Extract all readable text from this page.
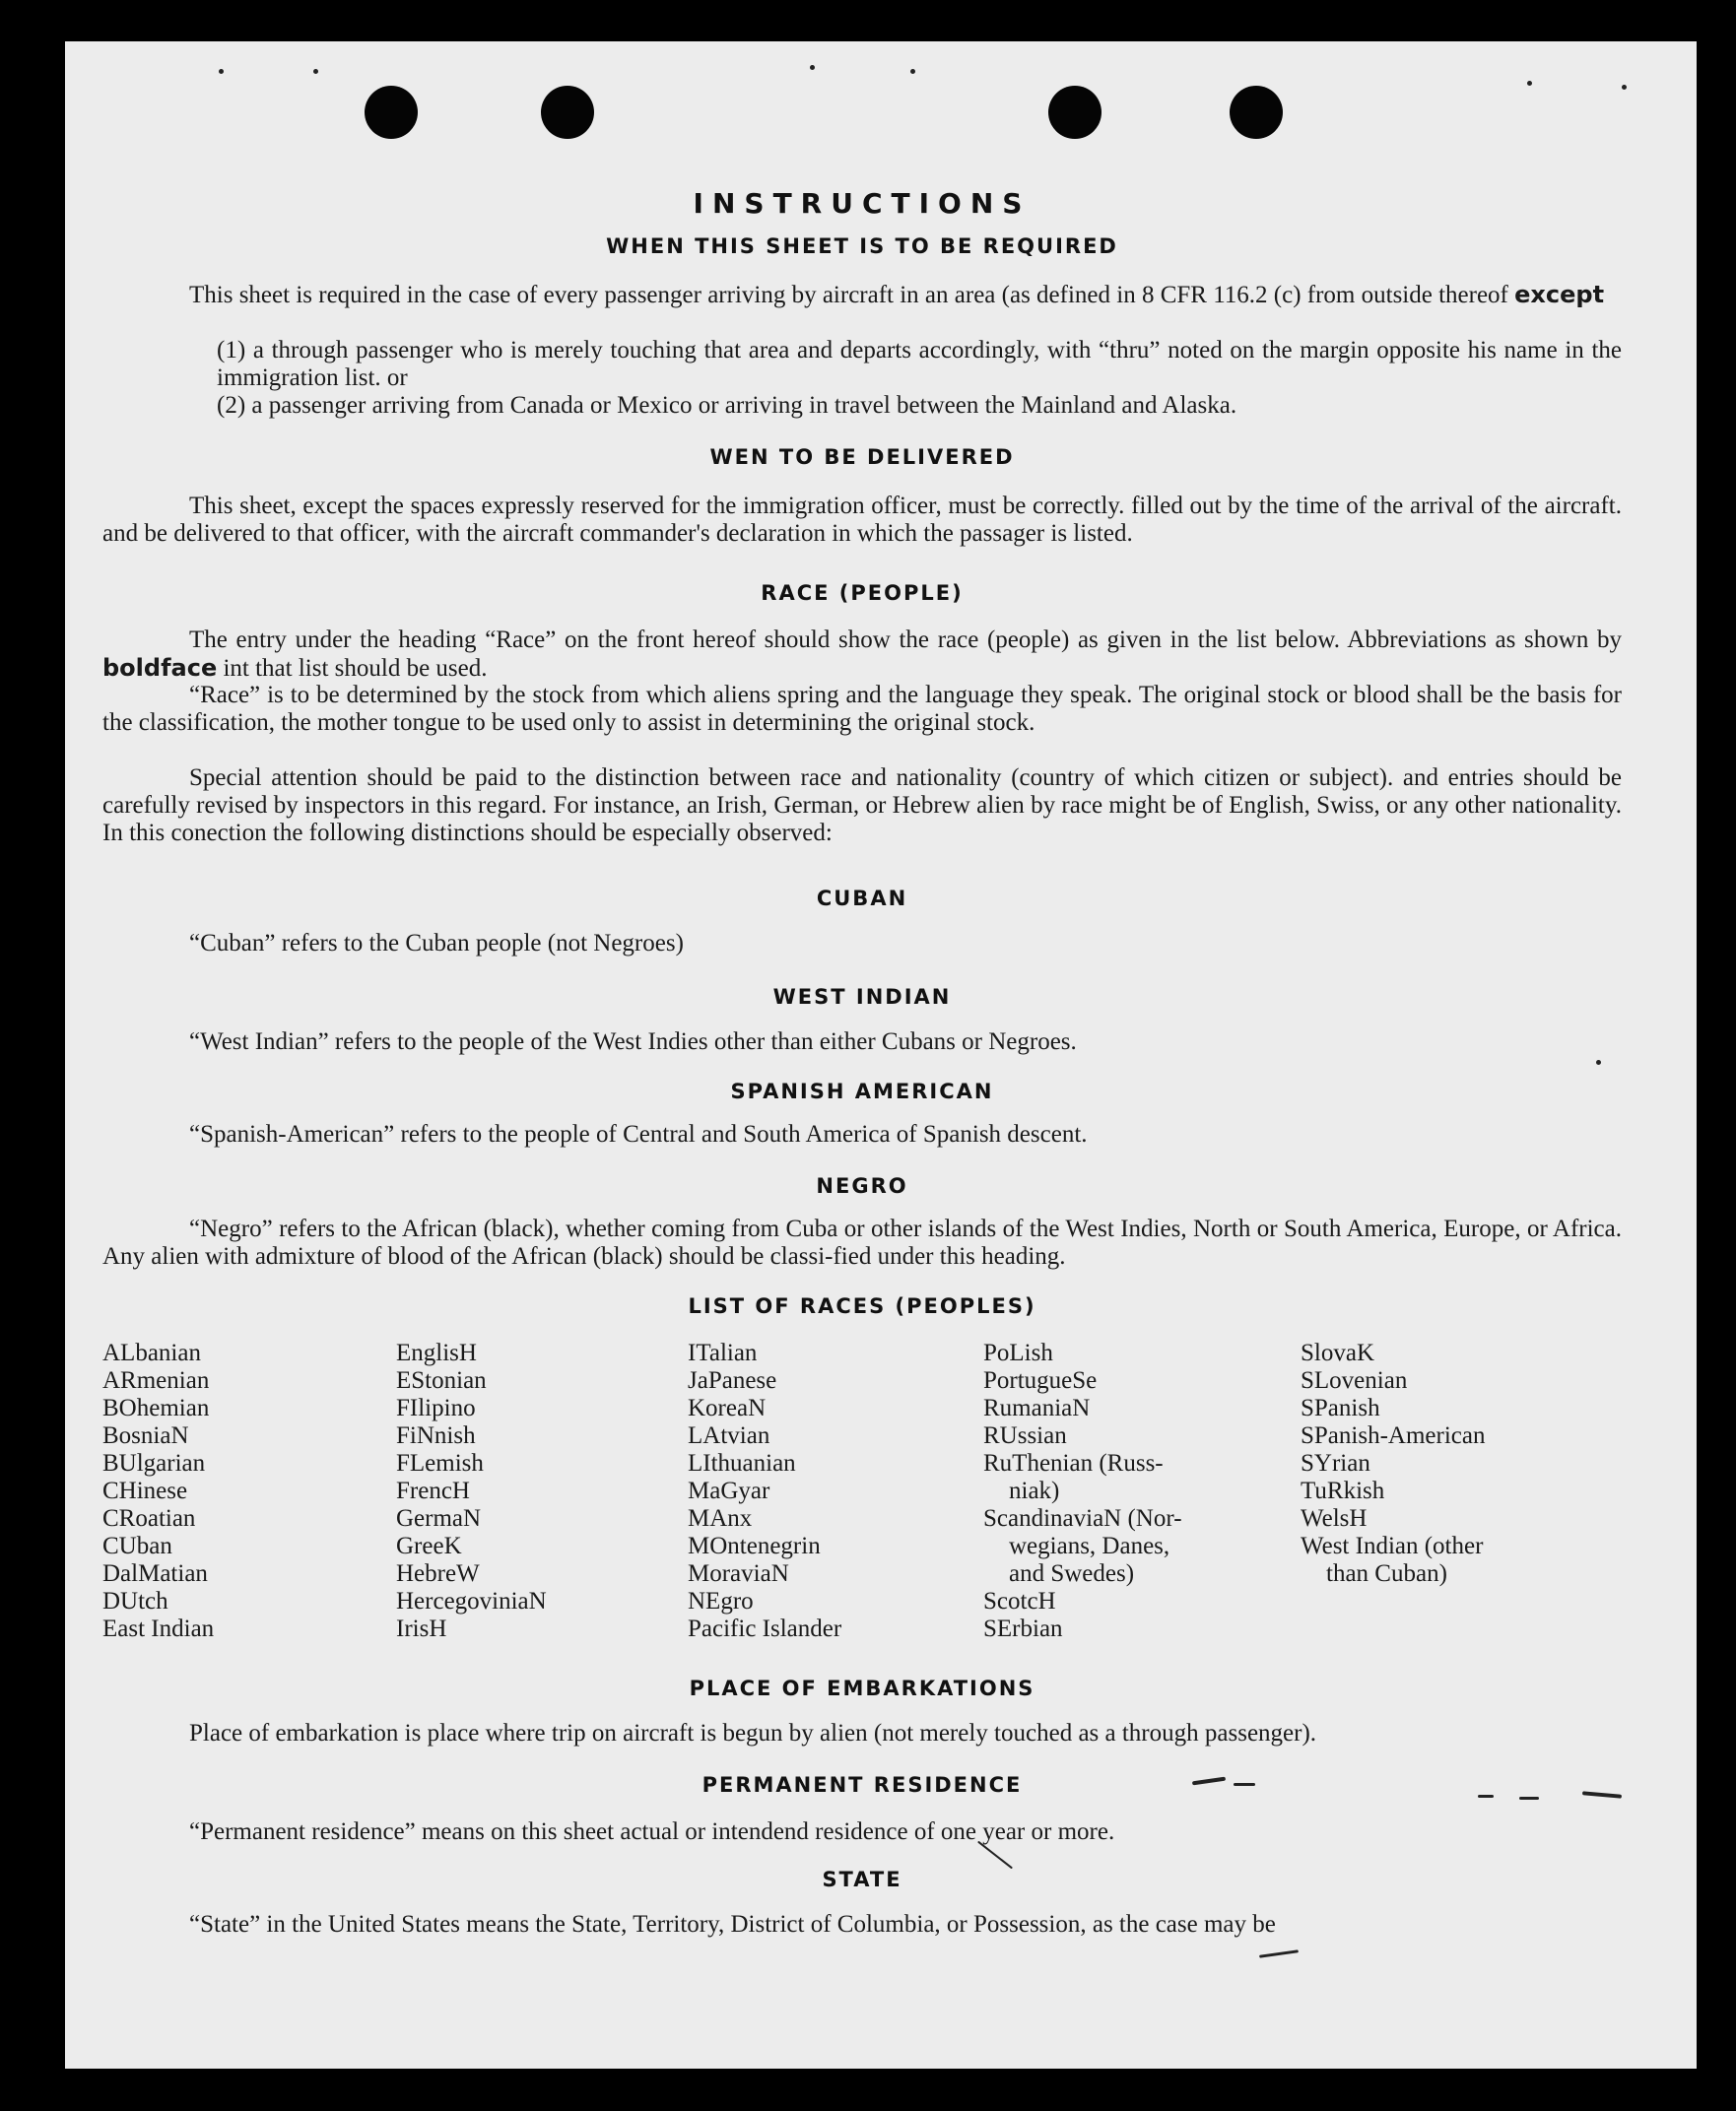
INSTRUCTIONS
WHEN THIS SHEET IS TO BE REQUIRED

This sheet is required in the case of every passenger arriving by aircraft in an area (as defined in 8 CFR 116.2 (c) from outside thereof except

(1) a through passenger who is merely touching that area and departs accordingly, with “thru” noted on the margin opposite his name in the immigration list. or
(2) a passenger arriving from Canada or Mexico or arriving in travel between the Mainland and Alaska.
WEN TO BE DELIVERED

This sheet, except the spaces expressly reserved for the immigration officer, must be correctly. filled out by the time of the arrival of the aircraft. and be delivered to that officer, with the aircraft commander's declaration in which the passager is listed.

RACE (PEOPLE)

The entry under the heading “Race” on the front hereof should show the race (people) as given in the list below. Abbreviations as shown by boldface int that list should be used.

“Race” is to be determined by the stock from which aliens spring and the language they speak. The original stock or blood shall be the basis for the classification, the mother tongue to be used only to assist in determining the original stock.

Special attention should be paid to the distinction between race and nationality (country of which citizen or subject). and entries should be carefully revised by inspectors in this regard. For instance, an Irish, German, or Hebrew alien by race might be of English, Swiss, or any other nationality. In this conection the following distinctions should be especially observed:

CUBAN

“Cuban” refers to the Cuban people (not Negroes)

WEST INDIAN

“West Indian” refers to the people of the West Indies other than either Cubans or Negroes.

SPANISH AMERICAN

“Spanish-American” refers to the people of Central and South America of Spanish descent.

NEGRO

“Negro” refers to the African (black), whether coming from Cuba or other islands of the West Indies, North or South America, Europe, or Africa. Any alien with admixture of blood of the African (black) should be classi-fied under this heading.

LIST OF RACES (PEOPLES)
ALbanian
ARmenian
BOhemian
BosniaN
BUlgarian
CHinese
CRoatian
CUban
DalMatian
DUtch
East Indian
EnglisH
EStonian
FIlipino
FiNnish
FLemish
FrencH
GermaN
GreeK
HebreW
HercegoviniaN
IrisH
ITalian
JaPanese
KoreaN
LAtvian
LIthuanian
MaGyar
MAnx
MOntenegrin
MoraviaN
NEgro
Pacific Islander
PoLish
PortugueSe
RumaniaN
RUssian
RuThenian (Russ-
niak)
ScandinaviaN (Nor-
wegians, Danes,
and Swedes)
ScotcH
SErbian
SlovaK
SLovenian
SPanish
SPanish-American
SYrian
TuRkish
WelsH
West Indian (other
than Cuban)
PLACE OF EMBARKATIONS

Place of embarkation is place where trip on aircraft is begun by alien (not merely touched as a through passenger).

PERMANENT RESIDENCE

“Permanent residence” means on this sheet actual or intendend residence of one year or more.

STATE

“State” in the United States means the State, Territory, District of Columbia, or Possession, as the case may be
